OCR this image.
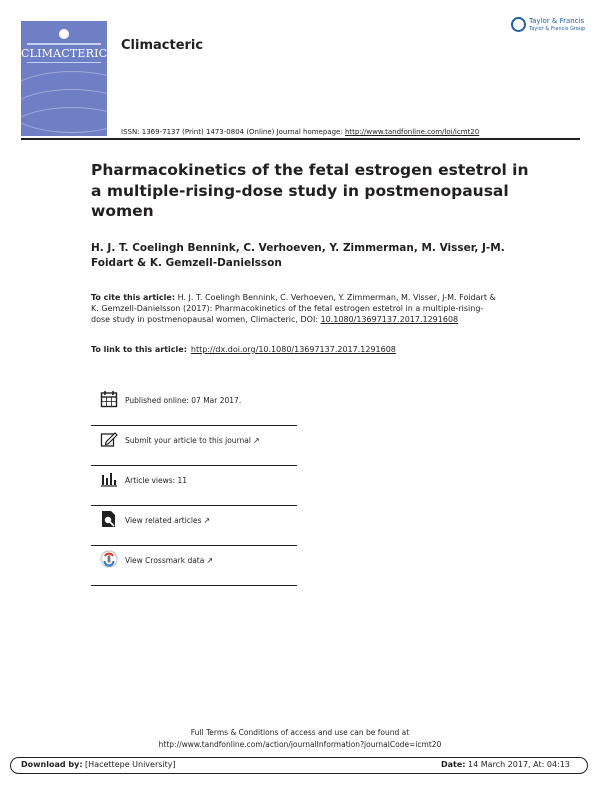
CLIMACTERIC
Climacteric
Taylor & Francis
Taylor & Francis Group
ISSN: 1369-7137 (Print) 1473-0804 (Online) Journal homepage: http://www.tandfonline.com/loi/icmt20
Pharmacokinetics of the fetal estrogen estetrol in a multiple-rising-dose study in postmenopausal women
H. J. T. Coelingh Bennink, C. Verhoeven, Y. Zimmerman, M. Visser, J-M. Foidart & K. Gemzell-Danielsson
To cite this article: H. J. T. Coelingh Bennink, C. Verhoeven, Y. Zimmerman, M. Visser, J-M. Foidart & K. Gemzell-Danielsson (2017): Pharmacokinetics of the fetal estrogen estetrol in a multiple-rising-dose study in postmenopausal women, Climacteric, DOI: 10.1080/13697137.2017.1291608
To link to this article: http://dx.doi.org/10.1080/13697137.2017.1291608
Published online: 07 Mar 2017.
Submit your article to this journal ↗
Article views: 11
View related articles ↗
View Crossmark data ↗
Full Terms & Conditions of access and use can be found at
http://www.tandfonline.com/action/journalInformation?journalCode=icmt20
Download by: [Hacettepe University]	Date: 14 March 2017, At: 04:13
